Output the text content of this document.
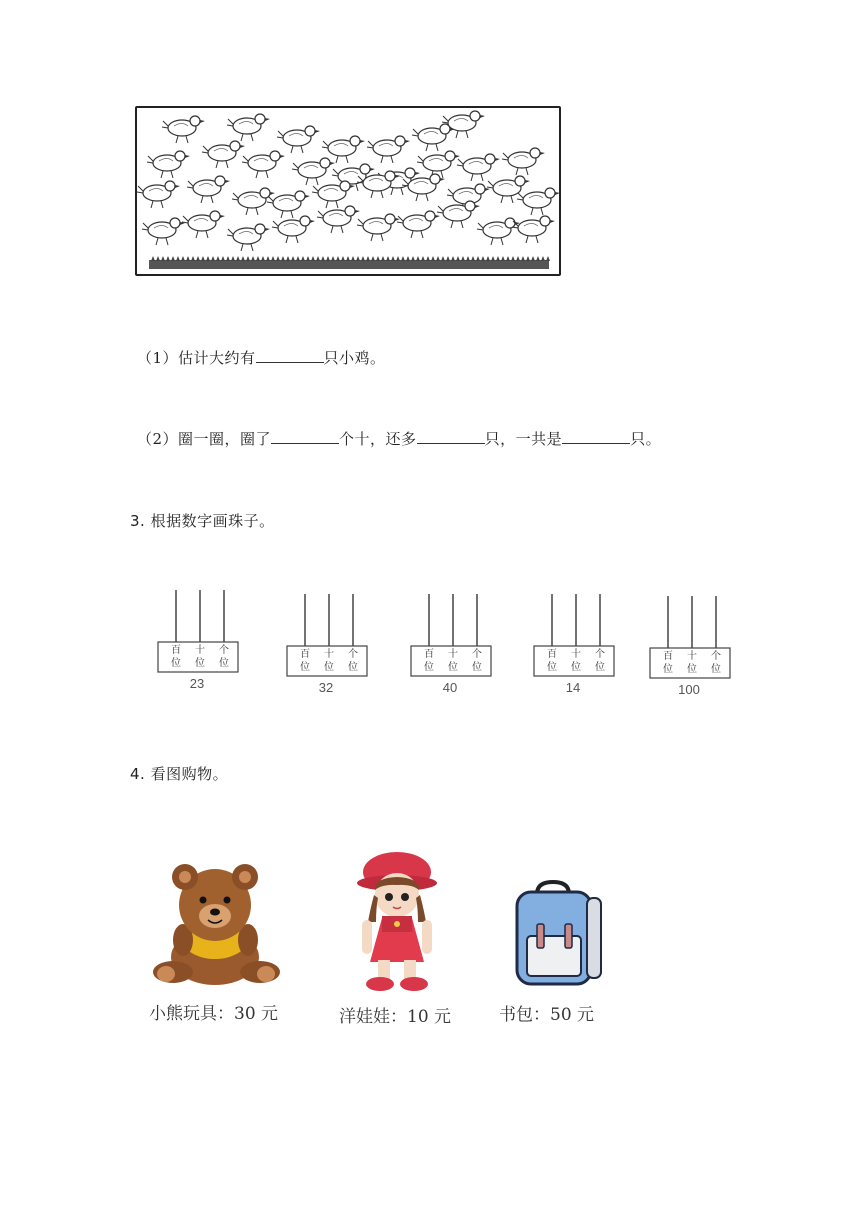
（1）估计大约有	只小鸡。
（2）圈一圈，圈了	个十，还多	只，一共是	只。
3. 根据数字画珠子。
百
位
十
位
个
位
23
百
位
十
位
个
位
32
百
位
十
位
个
位
40
百
位
十
位
个
位
14
百
位
十
位
个
位
100
4. 看图购物。
小熊玩具：30 元	洋娃娃：10 元	书包：50 元
